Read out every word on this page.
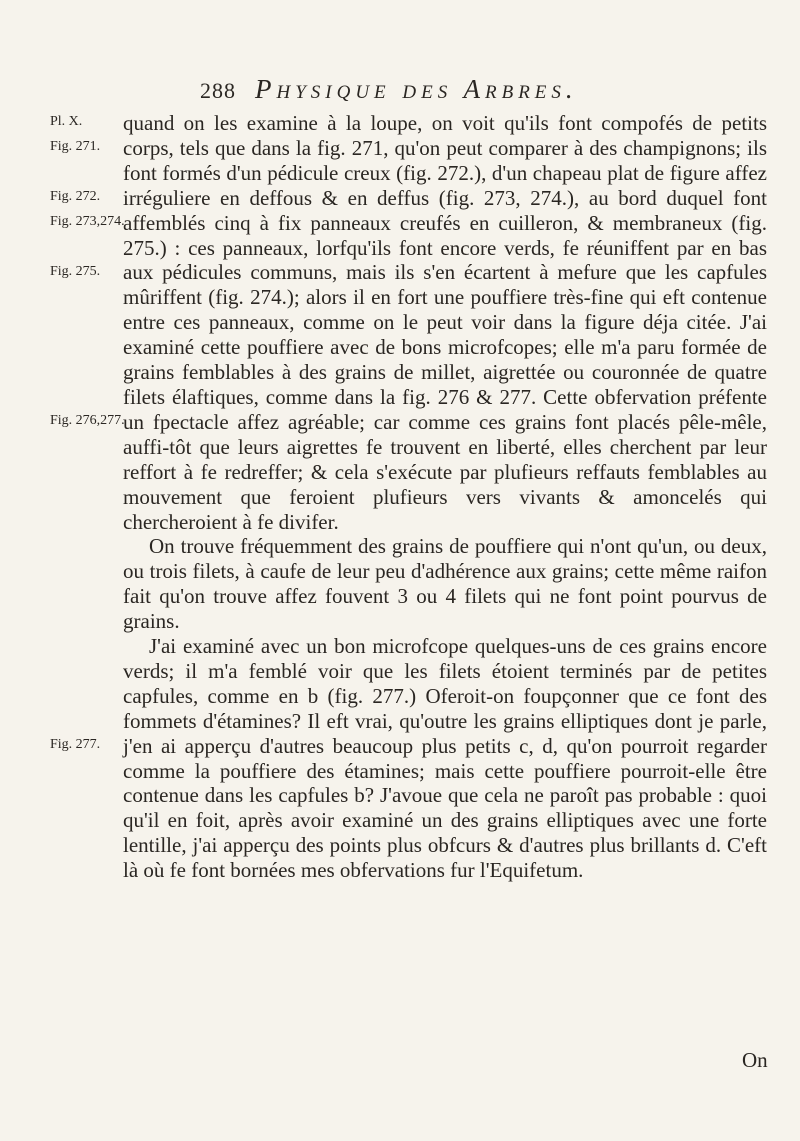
288 Physique des Arbres.
Pl. X.
Fig. 271.
Fig. 272.
Fig. 273,274.
Fig. 275.
Fig. 276,277.
Fig. 277.

quand on les examine à la loupe, on voit qu'ils font compofés de petits corps, tels que dans la fig. 271, qu'on peut comparer à des champignons; ils font formés d'un pédicule creux (fig. 272.), d'un chapeau plat de figure affez irréguliere en deffous & en deffus (fig. 273, 274.), au bord duquel font affemblés cinq à fix panneaux creufés en cuilleron, & membraneux (fig. 275.) : ces panneaux, lorfqu'ils font encore verds, fe réuniffent par en bas aux pédicules communs, mais ils s'en écartent à mefure que les capfules mûriffent (fig. 274.); alors il en fort une pouffiere très-fine qui eft contenue entre ces panneaux, comme on le peut voir dans la figure déja citée. J'ai examiné cette pouffiere avec de bons microfcopes; elle m'a paru formée de grains femblables à des grains de millet, aigrettée ou couronnée de quatre filets élaftiques, comme dans la fig. 276 & 277. Cette obfervation préfente un fpectacle affez agréable; car comme ces grains font placés pêle-mêle, auffi-tôt que leurs aigrettes fe trouvent en liberté, elles cherchent par leur reffort à fe redreffer; & cela s'exécute par plufieurs reffauts femblables au mouvement que feroient plufieurs vers vivants & amoncelés qui chercheroient à fe divifer.

On trouve fréquemment des grains de pouffiere qui n'ont qu'un, ou deux, ou trois filets, à caufe de leur peu d'adhérence aux grains; cette même raifon fait qu'on trouve affez fouvent 3 ou 4 filets qui ne font point pourvus de grains.

J'ai examiné avec un bon microfcope quelques-uns de ces grains encore verds; il m'a femblé voir que les filets étoient terminés par de petites capfules, comme en b (fig. 277.) Oferoit-on foupçonner que ce font des fommets d'étamines? Il eft vrai, qu'outre les grains elliptiques dont je parle, j'en ai apperçu d'autres beaucoup plus petits c, d, qu'on pourroit regarder comme la pouffiere des étamines; mais cette pouffiere pourroit-elle être contenue dans les capfules b? J'avoue que cela ne paroît pas probable : quoi qu'il en foit, après avoir examiné un des grains elliptiques avec une forte lentille, j'ai apperçu des points plus obfcurs & d'autres plus brillants d. C'eft là où fe font bornées mes obfervations fur l'Equifetum.

On
